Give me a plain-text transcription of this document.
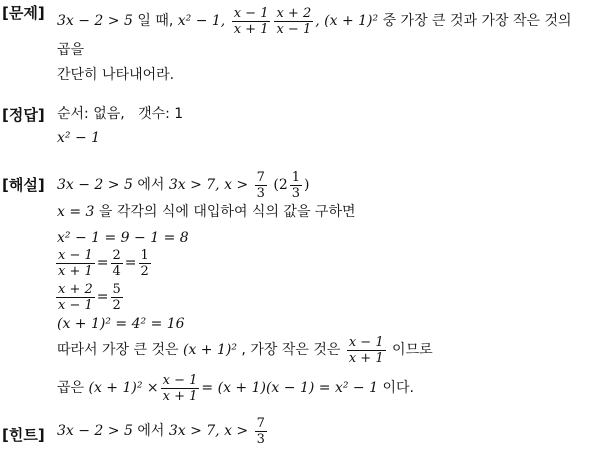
[문제] 3x − 2 > 5 일 때, x² − 1, $\frac{x - 1}{x + 1} \frac{x + 2}{x - 1}$ , (x + 1)² 중 가장 큰 것과 가장 작은 것의
곱을
간단히 나타내어라.
[정답] 순서: 없음, 갯수: 1
x² − 1
[해설] 3x − 2 > 5 에서 3x > 7, $x > \frac{7}{3} (2 \frac{1}{3}$ )
x = 3 을 각각의 식에 대입하여 식의 값을 구하면
x² − 1 = 9 − 1 = 8
$\frac{x - 1}{x + 1} = \frac{2}{4} = \frac{1}{2}$
$\frac{x + 2}{x - 1} = \frac{5}{2}$
(x + 1)² = 4² = 16
따라서 가장 큰 것은 (x + 1)² , 가장 작은 것은 $\frac{x - 1}{x + 1}$ 이므로
곱은 $(x + 1)^2 \times \frac{x - 1}{x + 1} = (x + 1)(x - 1) = x^2 - 1$ 이다.
[힌트] 3x − 2 > 5 에서 3x > 7, $x > \frac{7}{3}$
